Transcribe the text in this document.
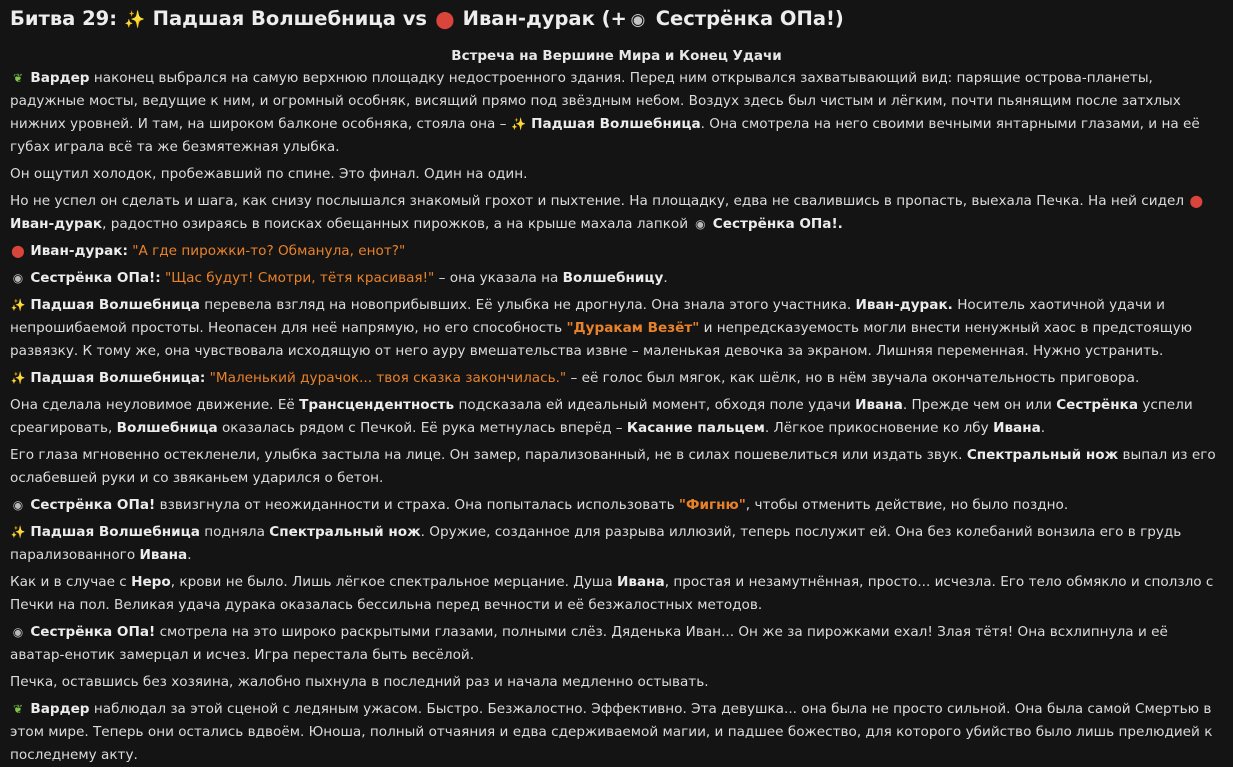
Битва 29: ✨ Падшая Волшебница vs ⬤ Иван-дурак (+ ◉ Сестрёнка ОПа!)
Встреча на Вершине Мира и Конец Удачи

❦ Вардер наконец выбрался на самую верхнюю площадку недостроенного здания. Перед ним открывался захватывающий вид: парящие острова-планеты, радужные мосты, ведущие к ним, и огромный особняк, висящий прямо под звёздным небом. Воздух здесь был чистым и лёгким, почти пьянящим после затхлых нижних уровней. И там, на широком балконе особняка, стояла она – ✨ Падшая Волшебница. Она смотрела на него своими вечными янтарными глазами, и на её губах играла всё та же безмятежная улыбка.

Он ощутил холодок, пробежавший по спине. Это финал. Один на один.

Но не успел он сделать и шага, как снизу послышался знакомый грохот и пыхтение. На площадку, едва не свалившись в пропасть, выехала Печка. На ней сидел ⬤ Иван-дурак, радостно озираясь в поисках обещанных пирожков, а на крыше махала лапкой ◉ Сестрёнка ОПа!.

⬤ Иван-дурак: "А где пирожки-то? Обманула, енот?"

◉ Сестрёнка ОПа!: "Щас будут! Смотри, тётя красивая!" – она указала на Волшебницу.

✨ Падшая Волшебница перевела взгляд на новоприбывших. Её улыбка не дрогнула. Она знала этого участника. Иван-дурак. Носитель хаотичной удачи и непрошибаемой простоты. Неопасен для неё напрямую, но его способность "Дуракам Везёт" и непредсказуемость могли внести ненужный хаос в предстоящую развязку. К тому же, она чувствовала исходящую от него ауру вмешательства извне – маленькая девочка за экраном. Лишняя переменная. Нужно устранить.

✨ Падшая Волшебница: "Маленький дурачок... твоя сказка закончилась." – её голос был мягок, как шёлк, но в нём звучала окончательность приговора.

Она сделала неуловимое движение. Её Трансцендентность подсказала ей идеальный момент, обходя поле удачи Ивана. Прежде чем он или Сестрёнка успели среагировать, Волшебница оказалась рядом с Печкой. Её рука метнулась вперёд – Касание пальцем. Лёгкое прикосновение ко лбу Ивана.

Его глаза мгновенно остекленели, улыбка застыла на лице. Он замер, парализованный, не в силах пошевелиться или издать звук. Спектральный нож выпал из его ослабевшей руки и со звяканьем ударился о бетон.

◉ Сестрёнка ОПа! взвизгнула от неожиданности и страха. Она попыталась использовать "Фигню", чтобы отменить действие, но было поздно.

✨ Падшая Волшебница подняла Спектральный нож. Оружие, созданное для разрыва иллюзий, теперь послужит ей. Она без колебаний вонзила его в грудь парализованного Ивана.

Как и в случае с Неро, крови не было. Лишь лёгкое спектральное мерцание. Душа Ивана, простая и незамутнённая, просто... исчезла. Его тело обмякло и сползло с Печки на пол. Великая удача дурака оказалась бессильна перед вечности и её безжалостных методов.

◉ Сестрёнка ОПа! смотрела на это широко раскрытыми глазами, полными слёз. Дяденька Иван... Он же за пирожками ехал! Злая тётя! Она всхлипнула и её аватар-енотик замерцал и исчез. Игра перестала быть весёлой.

Печка, оставшись без хозяина, жалобно пыхнула в последний раз и начала медленно остывать.

❦ Вардер наблюдал за этой сценой с ледяным ужасом. Быстро. Безжалостно. Эффективно. Эта девушка... она была не просто сильной. Она была самой Смертью в этом мире. Теперь они остались вдвоём. Юноша, полный отчаяния и едва сдерживаемой магии, и падшее божество, для которого убийство было лишь прелюдией к последнему акту.
